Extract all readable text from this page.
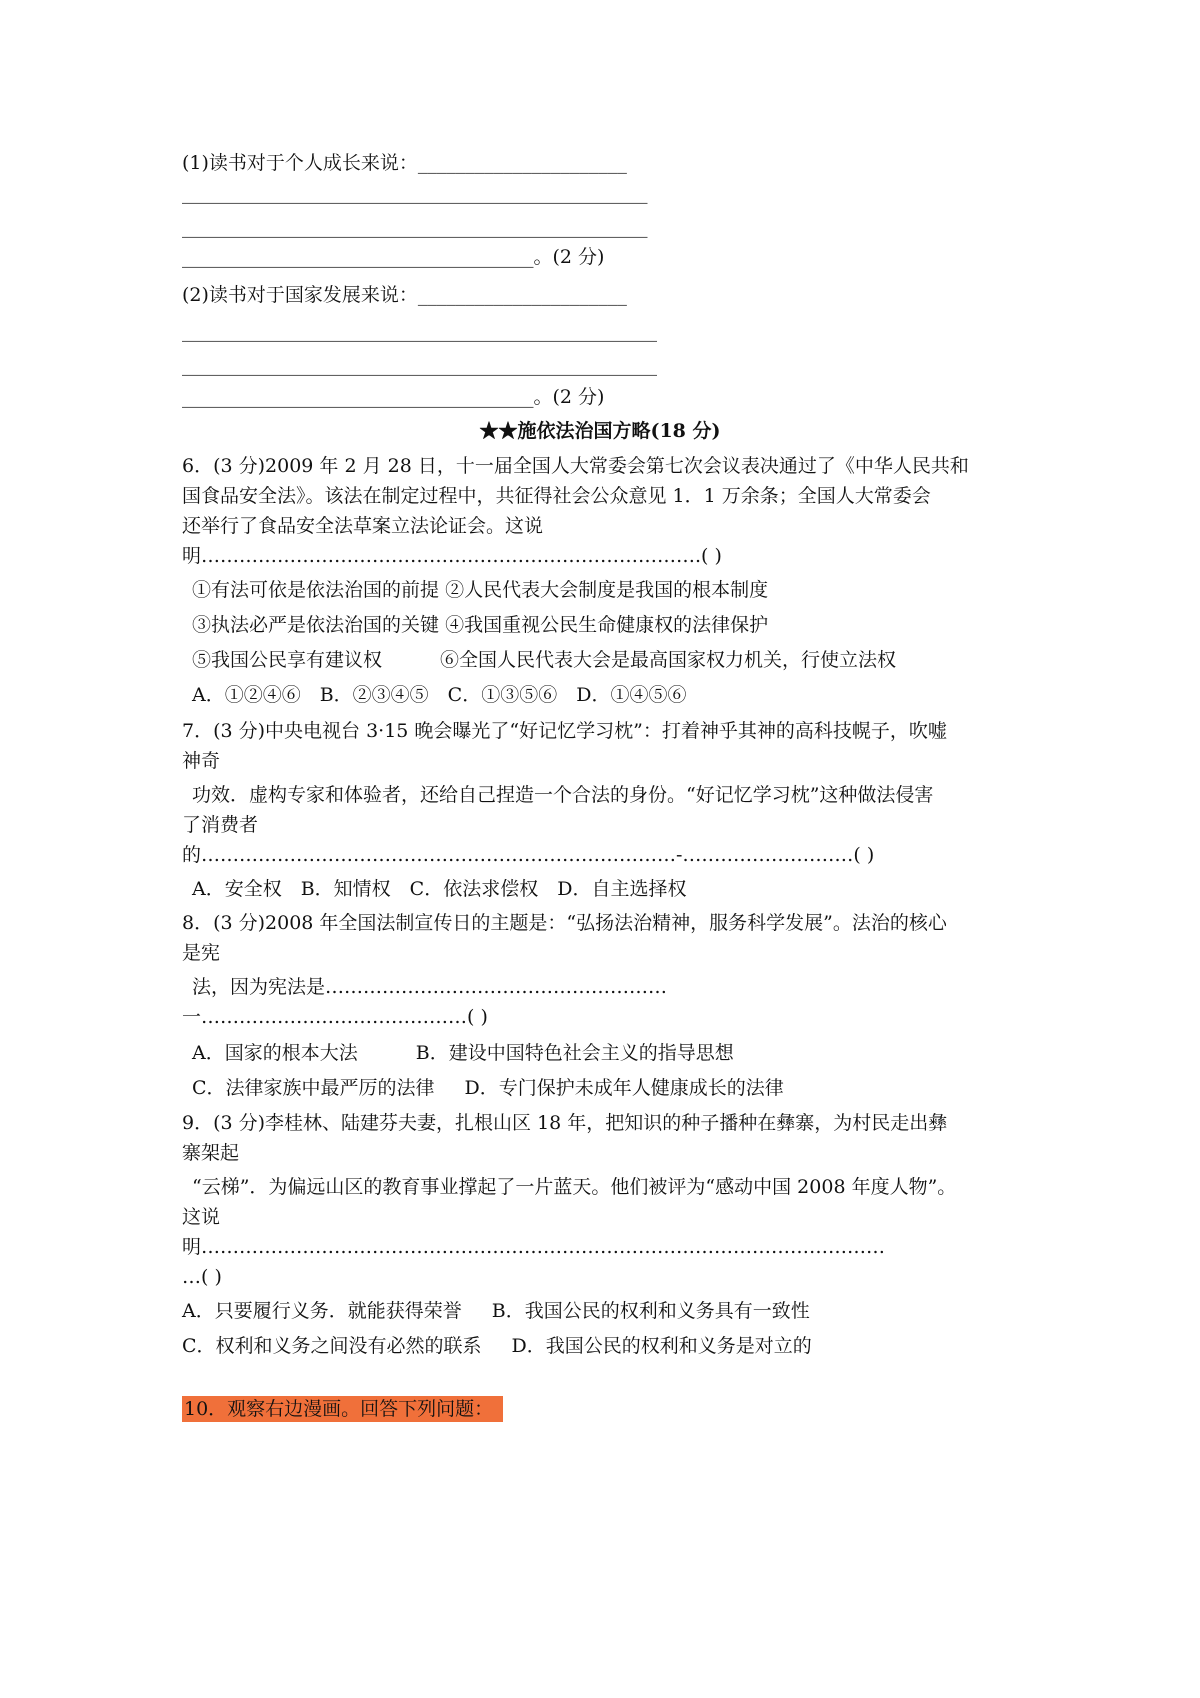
(1)读书对于个人成长来说：______________________
_________________________________________________
_________________________________________________
_____________________________________。(2 分)
(2)读书对于国家发展来说：______________________
__________________________________________________
__________________________________________________
_____________________________________。(2 分)
★★施依法治国方略(18 分)
6．(3 分)2009 年 2 月 28 日，十一届全国人大常委会第七次会议表决通过了《中华人民共和
国食品安全法》。该法在制定过程中，共征得社会公众意见 1．1 万余条；全国人大常委会
还举行了食品安全法草案立法论证会。这说
明…………………………………………………………………….( )
①有法可依是依法治国的前提 ②人民代表大会制度是我国的根本制度
③执法必严是依法治国的关键 ④我国重视公民生命健康权的法律保护
⑤我国公民享有建议权	⑥全国人民代表大会是最高国家权力机关，行使立法权
A．①②④⑥　B．②③④⑤　C．①③⑤⑥　D．①④⑤⑥
7．(3 分)中央电视台 3·15 晚会曝光了“好记忆学习枕”：打着神乎其神的高科技幌子，吹嘘
神奇
功效．虚构专家和体验者，还给自己捏造一个合法的身份。“好记忆学习枕”这种做法侵害
了消费者
的…………………………………………………………………-………………………( )
A．安全权　B．知情权　C．依法求偿权　D．自主选择权
8．(3 分)2008 年全国法制宣传日的主题是：“弘扬法治精神，服务科学发展”。法治的核心
是宪
法，因为宪法是………………………………………………
一……………………………………( )
A．国家的根本大法	B．建设中国特色社会主义的指导思想
C．法律家族中最严厉的法律 D．专门保护未成年人健康成长的法律
9．(3 分)李桂林、陆建芬夫妻，扎根山区 18 年，把知识的种子播种在彝寨，为村民走出彝
寨架起
“云梯”．为偏远山区的教育事业撑起了一片蓝天。他们被评为“感动中国 2008 年度人物”。
这说
明………………………………………………………………………………………………
…( )
A．只要履行义务．就能获得荣誉 B．我国公民的权利和义务具有一致性
C．权利和义务之间没有必然的联系 D．我国公民的权利和义务是对立的
10．观察右边漫画。回答下列问题：
